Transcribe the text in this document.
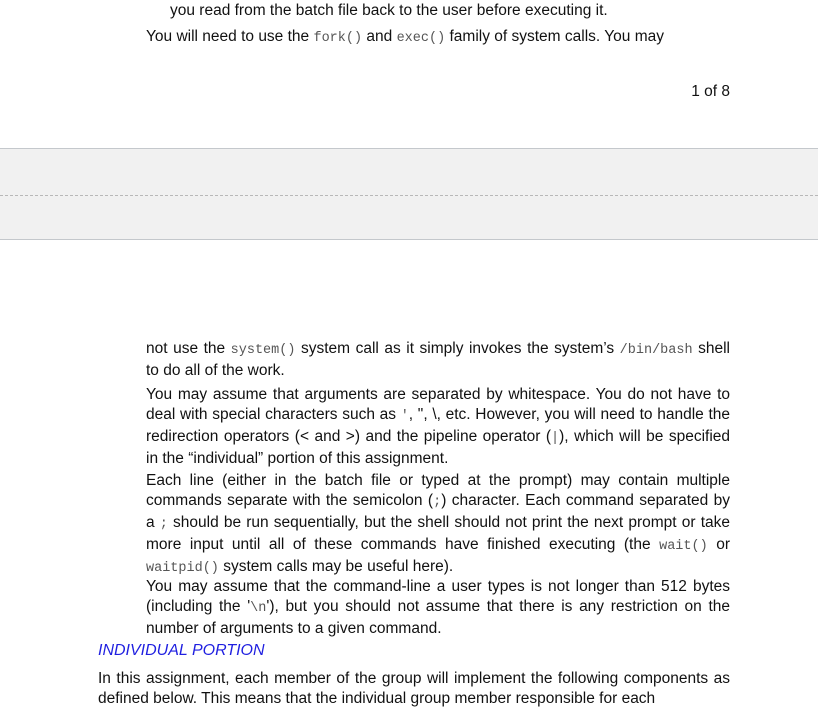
you read from the batch file back to the user before executing it.

You will need to use the fork() and exec() family of system calls. You may

1 of 8

not use the system() system call as it simply invokes the system’s /bin/bash shell to do all of the work.

You may assume that arguments are separated by whitespace. You do not have to deal with special characters such as ', ", \, etc. However, you will need to handle the redirection operators (< and >) and the pipeline operator (|), which will be specified in the “individual” portion of this assignment.

Each line (either in the batch file or typed at the prompt) may contain multiple commands separate with the semicolon (;) character. Each command separated by a ; should be run sequentially, but the shell should not print the next prompt or take more input until all of these commands have finished executing (the wait() or waitpid() system calls may be useful here).

You may assume that the command-line a user types is not longer than 512 bytes (including the '\n'), but you should not assume that there is any restriction on the number of arguments to a given command.

INDIVIDUAL PORTION

In this assignment, each member of the group will implement the following components as defined below. This means that the individual group member responsible for each
